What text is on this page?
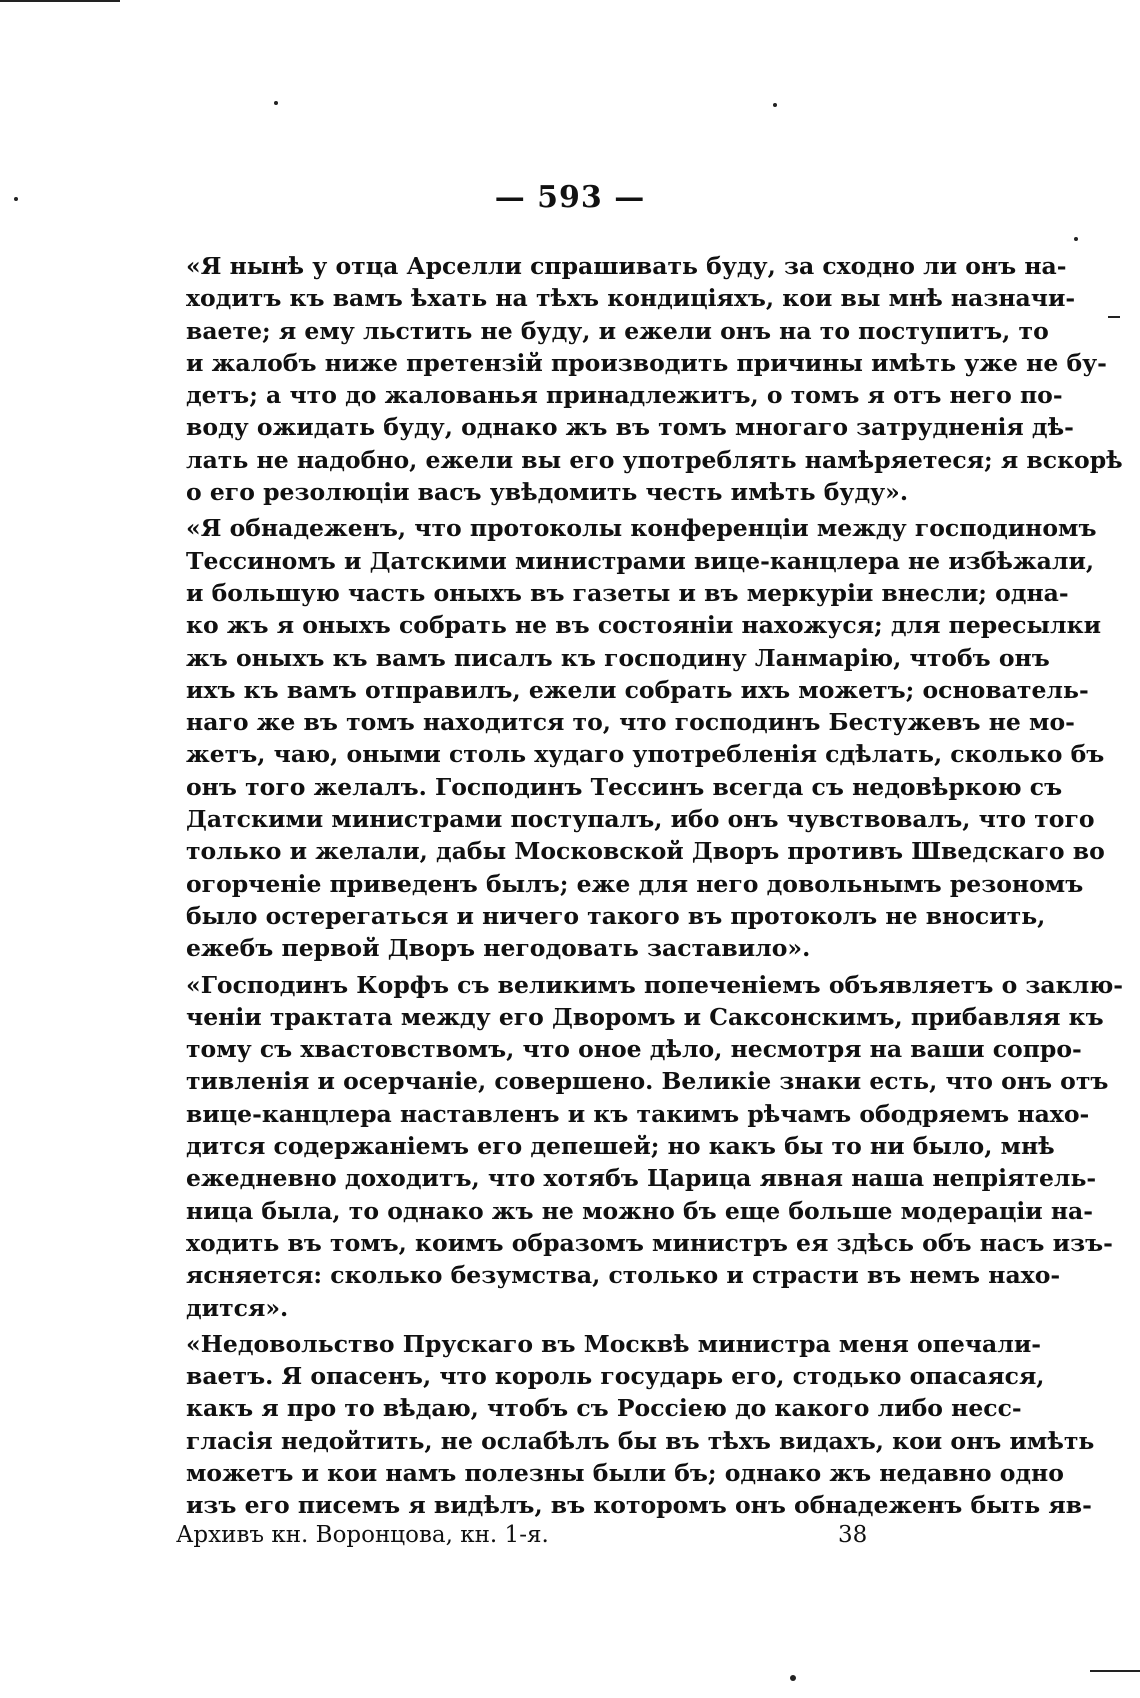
— 593 —
«Я нынѣ у отца Арселли спрашивать буду, за сходно ли онъ на-
ходитъ къ вамъ ѣхать на тѣхъ кондиціяхъ, кои вы мнѣ назначи-
ваете; я ему льстить не буду, и ежели онъ на то поступитъ, то
и жалобъ ниже претензій производить причины имѣть уже не бу-
детъ; а что до жалованья принадлежитъ, о томъ я отъ него по-
воду ожидать буду, однако жъ въ томъ многаго затрудненія дѣ-
лать не надобно, ежели вы его употреблять намѣряетеся; я вскорѣ
о его резолюціи васъ увѣдомить честь имѣть буду».
«Я обнадеженъ, что протоколы конференціи между господиномъ
Тессиномъ и Датскими министрами вице-канцлера не избѣжали,
и большую часть оныхъ въ газеты и въ меркуріи внесли; одна-
ко жъ я оныхъ собрать не въ состояніи нахожуся; для пересылки
жъ оныхъ къ вамъ писалъ къ господину Ланмарію, чтобъ онъ
ихъ къ вамъ отправилъ, ежели собрать ихъ можетъ; основатель-
наго же въ томъ находится то, что господинъ Бестужевъ не мо-
жетъ, чаю, оными столь худаго употребленія сдѣлать, сколько бъ
онъ того желалъ. Господинъ Тессинъ всегда съ недовѣркою съ
Датскими министрами поступалъ, ибо онъ чувствовалъ, что того
только и желали, дабы Московской Дворъ противъ Шведскаго во
огорченіе приведенъ былъ; еже для него довольнымъ резономъ
было остерегаться и ничего такого въ протоколъ не вносить,
ежебъ первой Дворъ негодовать заставило».
«Господинъ Корфъ съ великимъ попеченіемъ объявляетъ о заклю-
ченіи трактата между его Дворомъ и Саксонскимъ, прибавляя къ
тому съ хвастовствомъ, что оное дѣло, несмотря на ваши сопро-
тивленія и осерчаніе, совершено. Великіе знаки есть, что онъ отъ
вице-канцлера наставленъ и къ такимъ рѣчамъ ободряемъ нахо-
дится содержаніемъ его депешей; но какъ бы то ни было, мнѣ
ежедневно доходитъ, что хотябъ Царица явная наша непріятель-
ница была, то однако жъ не можно бъ еще больше модераціи на-
ходить въ томъ, коимъ образомъ министръ ея здѣсь объ насъ изъ-
ясняется: сколько безумства, столько и страсти въ немъ нахо-
дится».
«Недовольство Прускаго въ Москвѣ министра меня опечали-
ваетъ. Я опасенъ, что король государь его, стодько опасаяся,
какъ я про то вѣдаю, чтобъ съ Россіею до какого либо несс-
гласія недойтить, не ослабѣлъ бы въ тѣхъ видахъ, кои онъ имѣть
можетъ и кои намъ полезны были бъ; однако жъ недавно одно
изъ его писемъ я видѣлъ, въ которомъ онъ обнадеженъ быть яв-
Архивъ кн. Воронцова, кн. 1-я.	38
